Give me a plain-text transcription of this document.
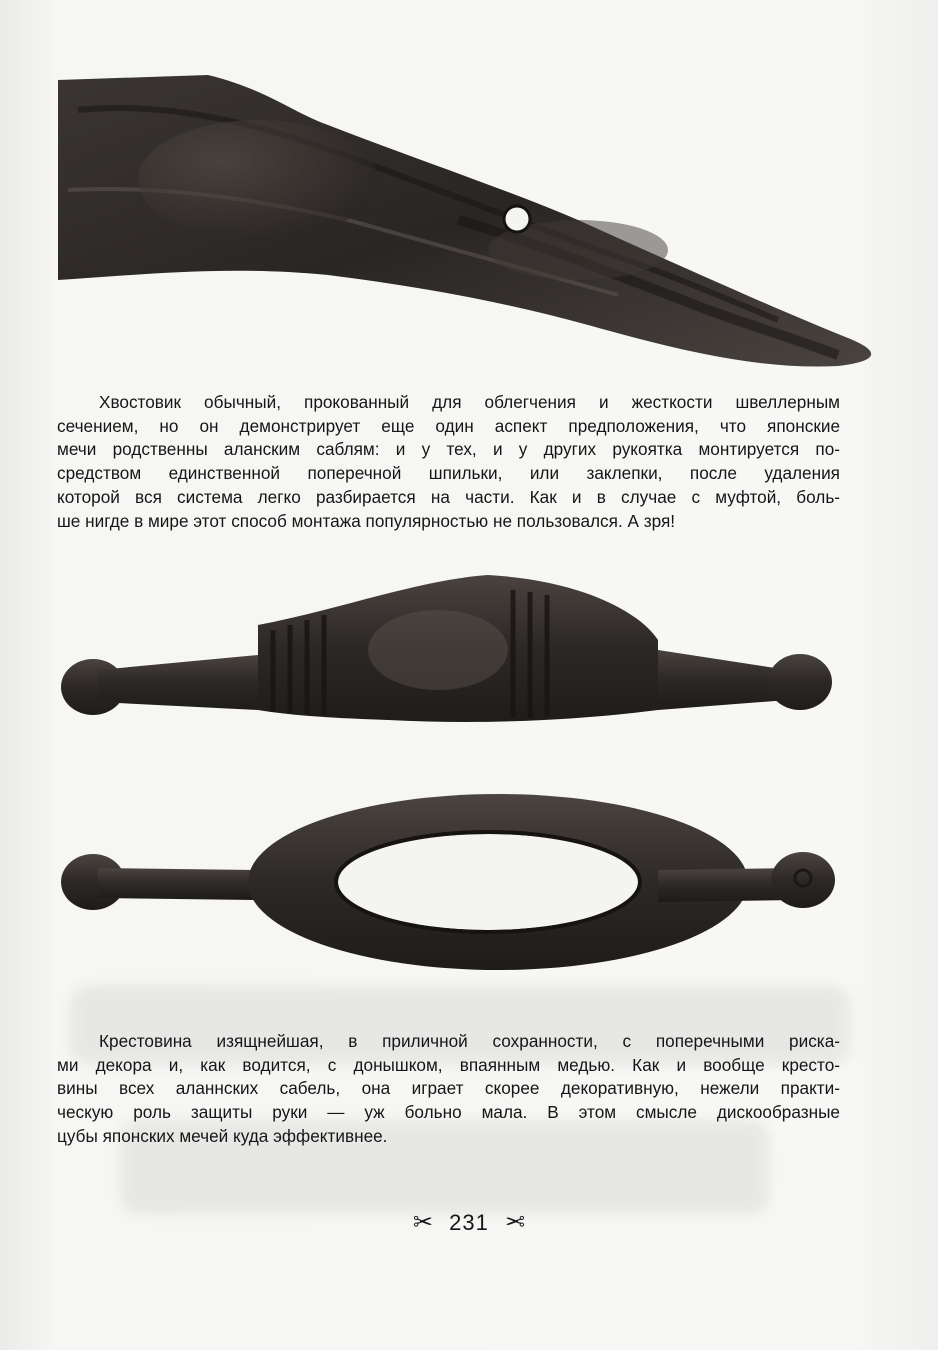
Хвостовик обычный, прокованный для облегчения и жесткости швеллерным
сечением, но он демонстрирует еще один аспект предположения, что японские
мечи родственны аланским саблям: и у тех, и у других рукоятка монтируется по-
средством единственной поперечной шпильки, или заклепки, после удаления
которой вся система легко разбирается на части. Как и в случае с муфтой, боль-
ше нигде в мире этот способ монтажа популярностью не пользовался. А зря!

Крестовина изящнейшая, в приличной сохранности, с поперечными риска-
ми декора и, как водится, с донышком, впаянным медью. Как и вообще кресто-
вины всех аланнских сабель, она играет скорее декоративную, нежели практи-
ческую роль защиты руки — уж больно мала. В этом смысле дискообразные
цубы японских мечей куда эффективнее.

✂ 231 ✂
